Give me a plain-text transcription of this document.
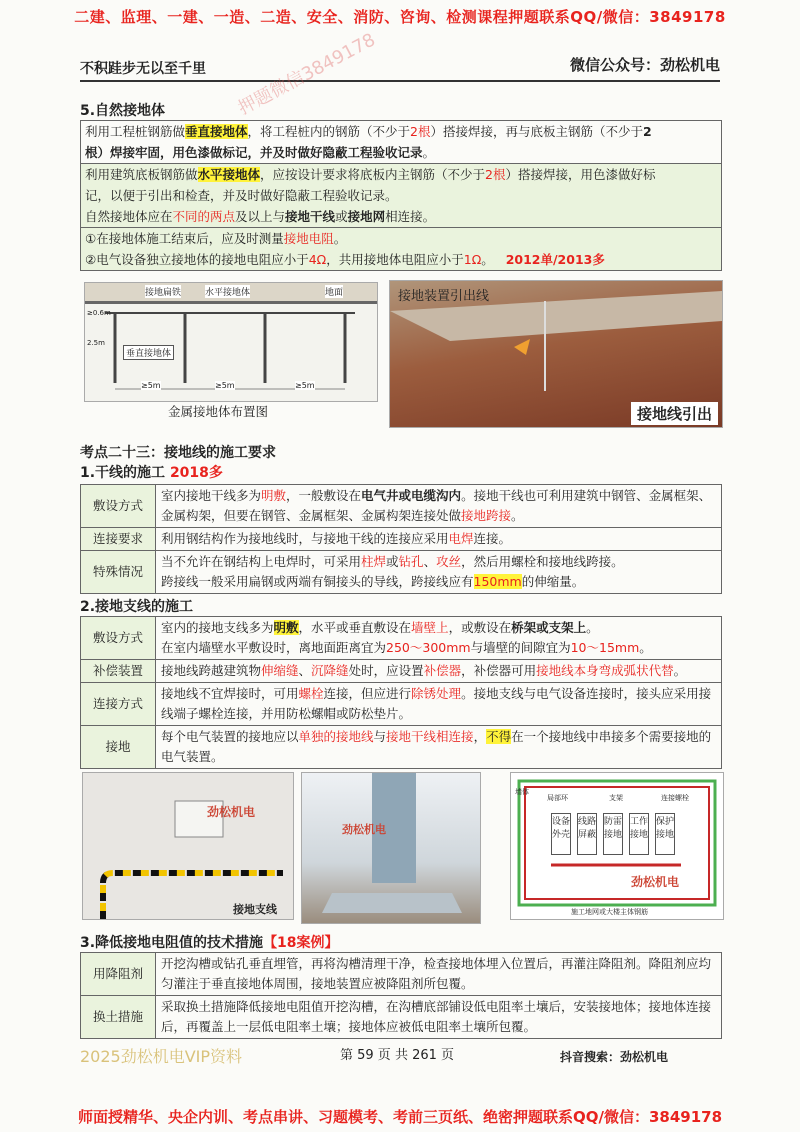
二建、监理、一建、一造、二造、安全、消防、咨询、检测课程押题联系QQ/微信：3849178
不积跬步无以至千里	微信公众号：劲松机电
押题微信3849178
5.自然接地体
利用工程桩钢筋做垂直接地体，将工程桩内的钢筋（不少于2根）搭接焊接，再与底板主钢筋（不少于2
根）焊接牢固，用色漆做标记，并及时做好隐蔽工程验收记录。
利用建筑底板钢筋做水平接地体，应按设计要求将底板内主钢筋（不少于2根）搭接焊接，用色漆做好标
记，以便于引出和检查，并及时做好隐蔽工程验收记录。
自然接地体应在不同的两点及以上与接地干线或接地网相连接。
①在接地体施工结束后，应及时测量接地电阻。
②电气设备独立接地体的接地电阻应小于4Ω，共用接地体电阻应小于1Ω。 2012单/2013多
接地扁铁	水平接地体	地面
垂直接地体
≥0.6m
2.5m
≥5m	≥5m	≥5m
金属接地体布置图
接地装置引出线
接地线引出
考点二十三：接地线的施工要求
1.干线的施工 2018多
敷设方式	室内接地干线多为明敷，一般敷设在电气井或电缆沟内。接地干线也可利用建筑中钢管、金属框架、金属构架，但要在钢管、金属框架、金属构架连接处做接地跨接。
连接要求	利用钢结构作为接地线时，与接地干线的连接应采用电焊连接。
特殊情况	当不允许在钢结构上电焊时，可采用柱焊或钻孔、攻丝，然后用螺栓和接地线跨接。
跨接线一般采用扁钢或两端有铜接头的导线，跨接线应有150mm的伸缩量。
2.接地支线的施工
敷设方式	室内的接地支线多为明敷，水平或垂直敷设在墙壁上，或敷设在桥架或支架上。
在室内墙壁水平敷设时，离地面距离宜为250～300mm与墙壁的间隙宜为10～15mm。
补偿装置	接地线跨越建筑物伸缩缝、沉降缝处时，应设置补偿器，补偿器可用接地线本身弯成弧状代替。
连接方式	接地线不宜焊接时，可用螺栓连接，但应进行除锈处理。接地支线与电气设备连接时，接头应采用接线端子螺栓连接，并用防松螺帽或防松垫片。
接地	每个电气装置的接地应以单独的接地线与接地干线相连接，不得在一个接地线中串接多个需要接地的电气装置。
劲松机电
接地支线
劲松机电
墙体
局部环	支架	连接螺栓
设备外壳
线路屏蔽
防雷接地
工作接地
保护接地
劲松机电
施工地网或大楼主体钢筋
3.降低接地电阻值的技术措施【18案例】
用降阻剂	开挖沟槽或钻孔垂直埋管，再将沟槽清理干净，检查接地体埋入位置后，再灌注降阻剂。降阻剂应均匀灌注于垂直接地体周围，接地装置应被降阻剂所包覆。
换土措施	采取换土措施降低接地电阻值开挖沟槽，在沟槽底部铺设低电阻率土壤后，安装接地体；接地体连接后，再覆盖上一层低电阻率土壤；接地体应被低电阻率土壤所包覆。
2025劲松机电VIP资料	第 59 页 共 261 页	抖音搜索：劲松机电
师面授精华、央企内训、考点串讲、习题模考、考前三页纸、绝密押题联系QQ/微信：3849178
